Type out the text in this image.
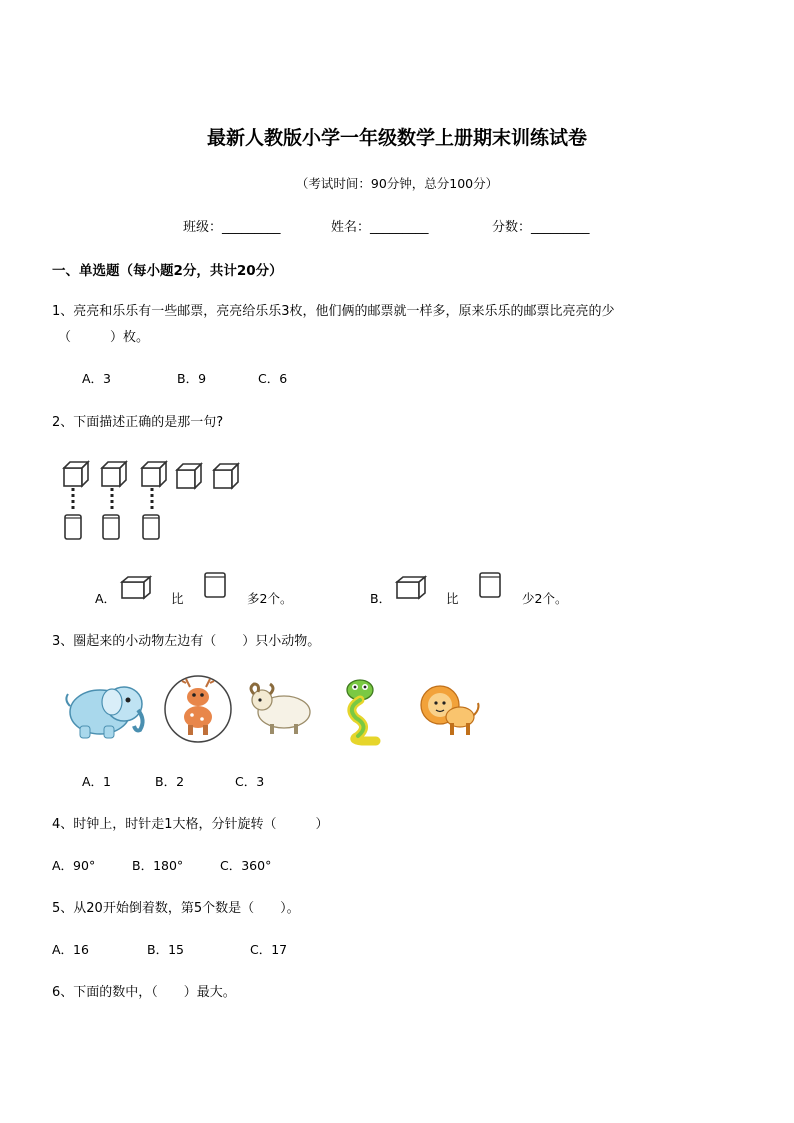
最新人教版小学一年级数学上册期末训练试卷
（考试时间：90分钟，总分100分）
班级：_________	姓名：_________	分数：_________
一、单选题（每小题2分，共计20分）
1、亮亮和乐乐有一些邮票，亮亮给乐乐3枚，他们俩的邮票就一样多，原来乐乐的邮票比亮亮的少
（　　　）枚。
A．3	B．9	C．6
2、下面描述正确的是那一句?
A．	比	多2个。	B．	比	少2个。
3、圈起来的小动物左边有（　　）只小动物。
A．1	B．2	C．3
4、时钟上，时针走1大格，分针旋转（　　　）
A．90°	B．180°	C．360°
5、从20开始倒着数，第5个数是（　　）。
A．16	B．15	C．17
6、下面的数中，（　　）最大。
